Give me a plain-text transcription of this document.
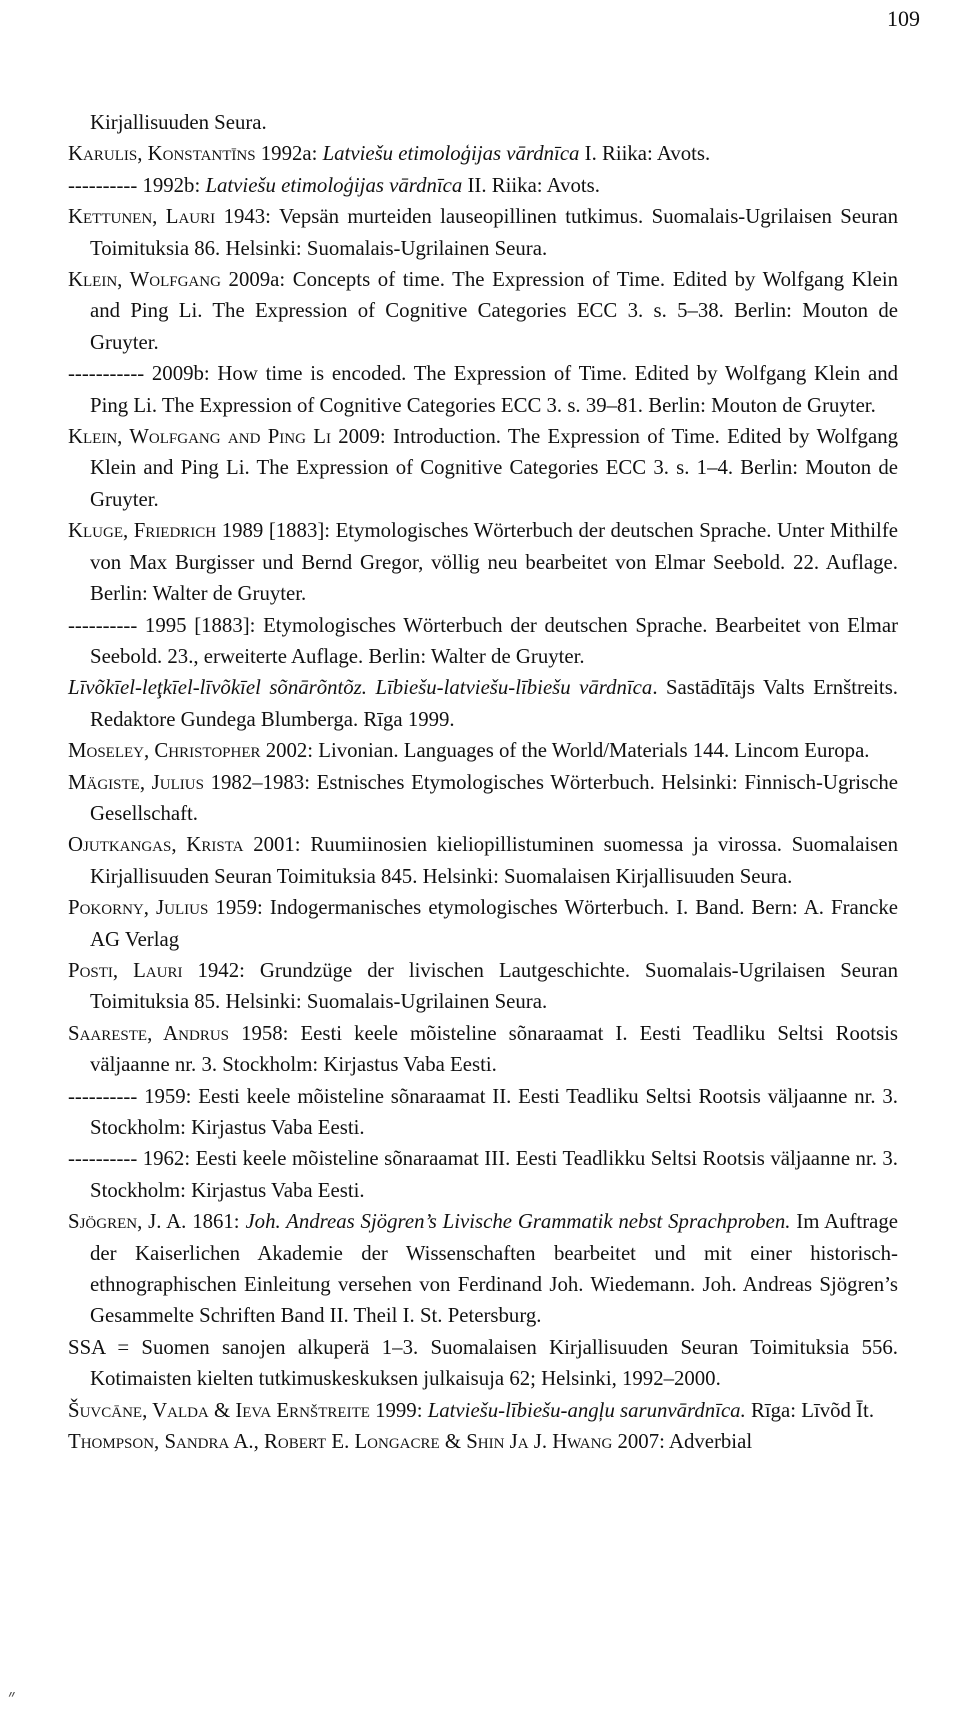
109

Kirjallisuuden Seura.

Karulis, Konstantīns 1992a: Latviešu etimoloģijas vārdnīca I. Riika: Avots.

---------- 1992b: Latviešu etimoloģijas vārdnīca II. Riika: Avots.

Kettunen, Lauri 1943: Vepsän murteiden lauseopillinen tutkimus. Suomalais-Ugrilaisen Seuran Toimituksia 86. Helsinki: Suomalais-Ugrilainen Seura.

Klein, Wolfgang 2009a: Concepts of time. The Expression of Time. Edited by Wolfgang Klein and Ping Li. The Expression of Cognitive Categories ECC 3. s. 5–38. Berlin: Mouton de Gruyter.

----------- 2009b: How time is encoded. The Expression of Time. Edited by Wolfgang Klein and Ping Li. The Expression of Cognitive Categories ECC 3. s. 39–81. Berlin: Mouton de Gruyter.

Klein, Wolfgang and Ping Li 2009: Introduction. The Expression of Time. Edited by Wolfgang Klein and Ping Li. The Expression of Cognitive Categories ECC 3. s. 1–4. Berlin: Mouton de Gruyter.

Kluge, Friedrich 1989 [1883]: Etymologisches Wörterbuch der deutschen Sprache. Unter Mithilfe von Max Burgisser und Bernd Gregor, völlig neu bearbeitet von Elmar Seebold. 22. Auflage. Berlin: Walter de Gruyter.

---------- 1995 [1883]: Etymologisches Wörterbuch der deutschen Sprache. Bearbeitet von Elmar Seebold. 23., erweiterte Auflage. Berlin: Walter de Gruyter.

Līvõkīel-leţkīel-līvõkīel sõnārõntõz. Lībiešu-latviešu-lībiešu vārdnīca. Sastādītājs Valts Ernštreits. Redaktore Gundega Blumberga. Rīga 1999.

Moseley, Christopher 2002: Livonian. Languages of the World/Materials 144. Lincom Europa.

Mägiste, Julius 1982–1983: Estnisches Etymologisches Wörterbuch. Helsinki: Finnisch-Ugrische Gesellschaft.

Ojutkangas, Krista 2001: Ruumiinosien kieliopillistuminen suomessa ja virossa. Suomalaisen Kirjallisuuden Seuran Toimituksia 845. Helsinki: Suomalaisen Kirjallisuuden Seura.

Pokorny, Julius 1959: Indogermanisches etymologisches Wörterbuch. I. Band. Bern: A. Francke AG Verlag

Posti, Lauri 1942: Grundzüge der livischen Lautgeschichte. Suomalais-Ugrilaisen Seuran Toimituksia 85. Helsinki: Suomalais-Ugrilainen Seura.

Saareste, Andrus 1958: Eesti keele mõisteline sõnaraamat I. Eesti Teadliku Seltsi Rootsis väljaanne nr. 3. Stockholm: Kirjastus Vaba Eesti.

---------- 1959: Eesti keele mõisteline sõnaraamat II. Eesti Teadliku Seltsi Rootsis väljaanne nr. 3. Stockholm: Kirjastus Vaba Eesti.

---------- 1962: Eesti keele mõisteline sõnaraamat III. Eesti Teadlikku Seltsi Rootsis väljaanne nr. 3. Stockholm: Kirjastus Vaba Eesti.

Sjögren, J. A. 1861: Joh. Andreas Sjögren’s Livische Grammatik nebst Sprachproben. Im Auftrage der Kaiserlichen Akademie der Wissenschaften bearbeitet und mit einer historisch-ethnographischen Einleitung versehen von Ferdinand Joh. Wiedemann. Joh. Andreas Sjögren’s Gesammelte Schriften Band II. Theil I. St. Petersburg.

SSA = Suomen sanojen alkuperä 1–3. Suomalaisen Kirjallisuuden Seuran Toimituksia 556. Kotimaisten kielten tutkimuskeskuksen julkaisuja 62; Helsinki, 1992–2000.

Šuvcāne, Valda & Ieva Ernštreite 1999: Latviešu-lībiešu-angļu sarunvārdnīca. Rīga: Līvõd Īt.

Thompson, Sandra A., Robert E. Longacre & Shin Ja J. Hwang 2007: Adverbial

״
